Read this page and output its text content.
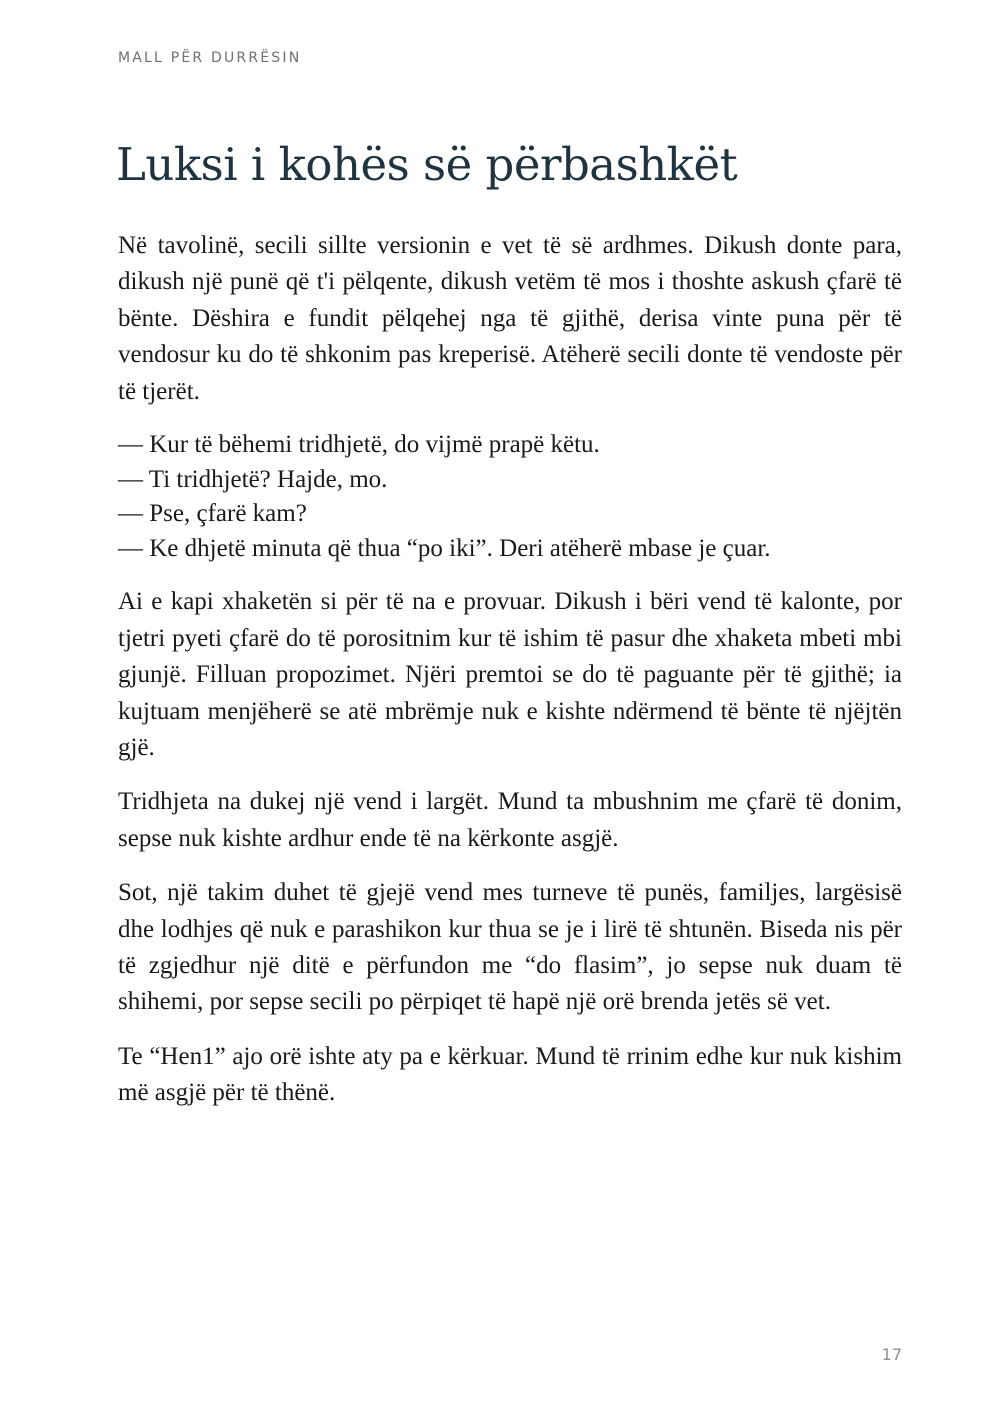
MALL PËR DURRËSIN
Luksi i kohës së përbashkët

Në tavolinë, secili sillte versionin e vet të së ardhmes. Dikush donte para, dikush një punë që t'i pëlqente, dikush vetëm të mos i thoshte askush çfarë të bënte. Dëshira e fundit pëlqehej nga të gjithë, derisa vinte puna për të vendosur ku do të shkonim pas kreperisë. Atëherë secili donte të vendoste për të tjerët.

— Kur të bëhemi tridhjetë, do vijmë prapë këtu.
— Ti tridhjetë? Hajde, mo.
— Pse, çfarë kam?
— Ke dhjetë minuta që thua “po iki”. Deri atëherë mbase je çuar.

Ai e kapi xhaketën si për të na e provuar. Dikush i bëri vend të kalonte, por tjetri pyeti çfarë do të porositnim kur të ishim të pasur dhe xhaketa mbeti mbi gjunjë. Filluan propozimet. Njëri premtoi se do të paguante për të gjithë; ia kujtuam menjëherë se atë mbrëmje nuk e kishte ndërmend të bënte të njëjtën gjë.

Tridhjeta na dukej një vend i largët. Mund ta mbushnim me çfarë të donim, sepse nuk kishte ardhur ende të na kërkonte asgjë.

Sot, një takim duhet të gjejë vend mes turneve të punës, familjes, largësisë dhe lodhjes që nuk e parashikon kur thua se je i lirë të shtunën. Biseda nis për të zgjedhur një ditë e përfundon me “do flasim”, jo sepse nuk duam të shihemi, por sepse secili po përpiqet të hapë një orë brenda jetës së vet.

Te “Hen1” ajo orë ishte aty pa e kërkuar. Mund të rrinim edhe kur nuk kishim më asgjë për të thënë.

17
